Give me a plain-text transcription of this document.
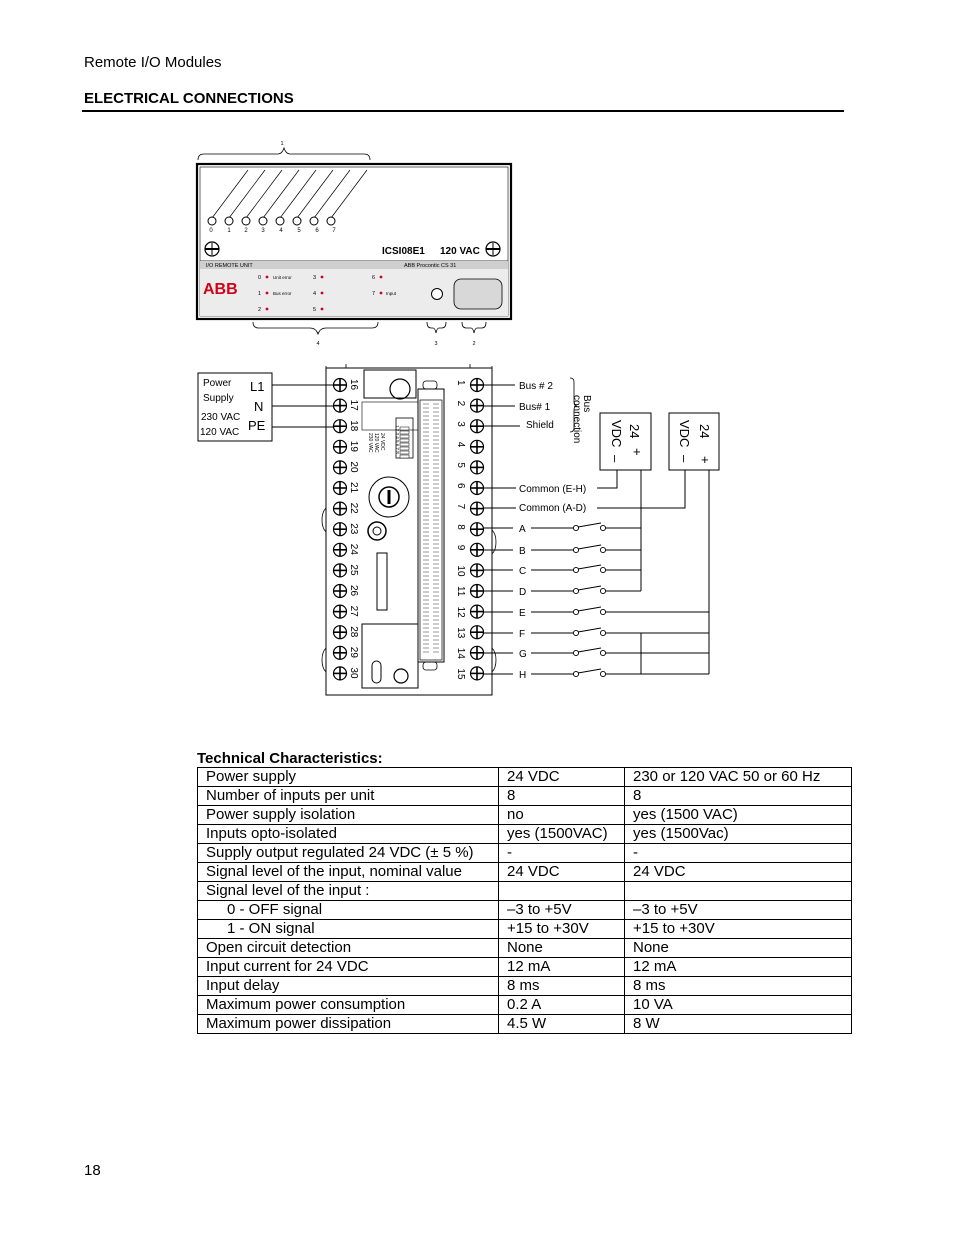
Remote I/O Modules
ELECTRICAL CONNECTIONS
1
2
3
4
0 1 2 3 4 5 6 7
ICSI08E1 120 VAC
I/O REMOTE UNIT	ABB Procontic CS 31
ABB
0
1
2
3
4
5
6
7
Unit error
Bus error	Input
Power
Supply
230 VAC
120 VAC
L1
N
PE	1 2 3 4 5 6 7 8
24 VDC
120 VAC
230 VAC
16
17
18
19
20
21
22
23
24
25
26
27
28
29
30
1
2
3
4
5
6
7
8
9
10
11
12
13
14
15
Bus # 2
Bus# 1
Shield
Bus
connection
Common (E-H)
Common (A-D)
24
VDC
– +
24
VDC
– +
A
B
C
D
E
F
G
H
Technical Characteristics:
Power supply	24 VDC	230 or 120 VAC 50 or 60 Hz
Number of inputs per unit	8	8
Power supply isolation	no	yes (1500 VAC)
Inputs opto-isolated	yes (1500VAC)	yes (1500Vac)
Supply output regulated 24 VDC (± 5 %)	-	-
Signal level of the input, nominal value	24 VDC	24 VDC
Signal level of the input :		
0 - OFF signal	–3 to +5V	–3 to +5V
1 - ON signal	+15 to +30V	+15 to +30V
Open circuit detection	None	None
Input current for 24 VDC	12 mA	12 mA
Input delay	8 ms	8 ms
Maximum power consumption	0.2 A	10 VA
Maximum power dissipation	4.5 W	8 W
18
